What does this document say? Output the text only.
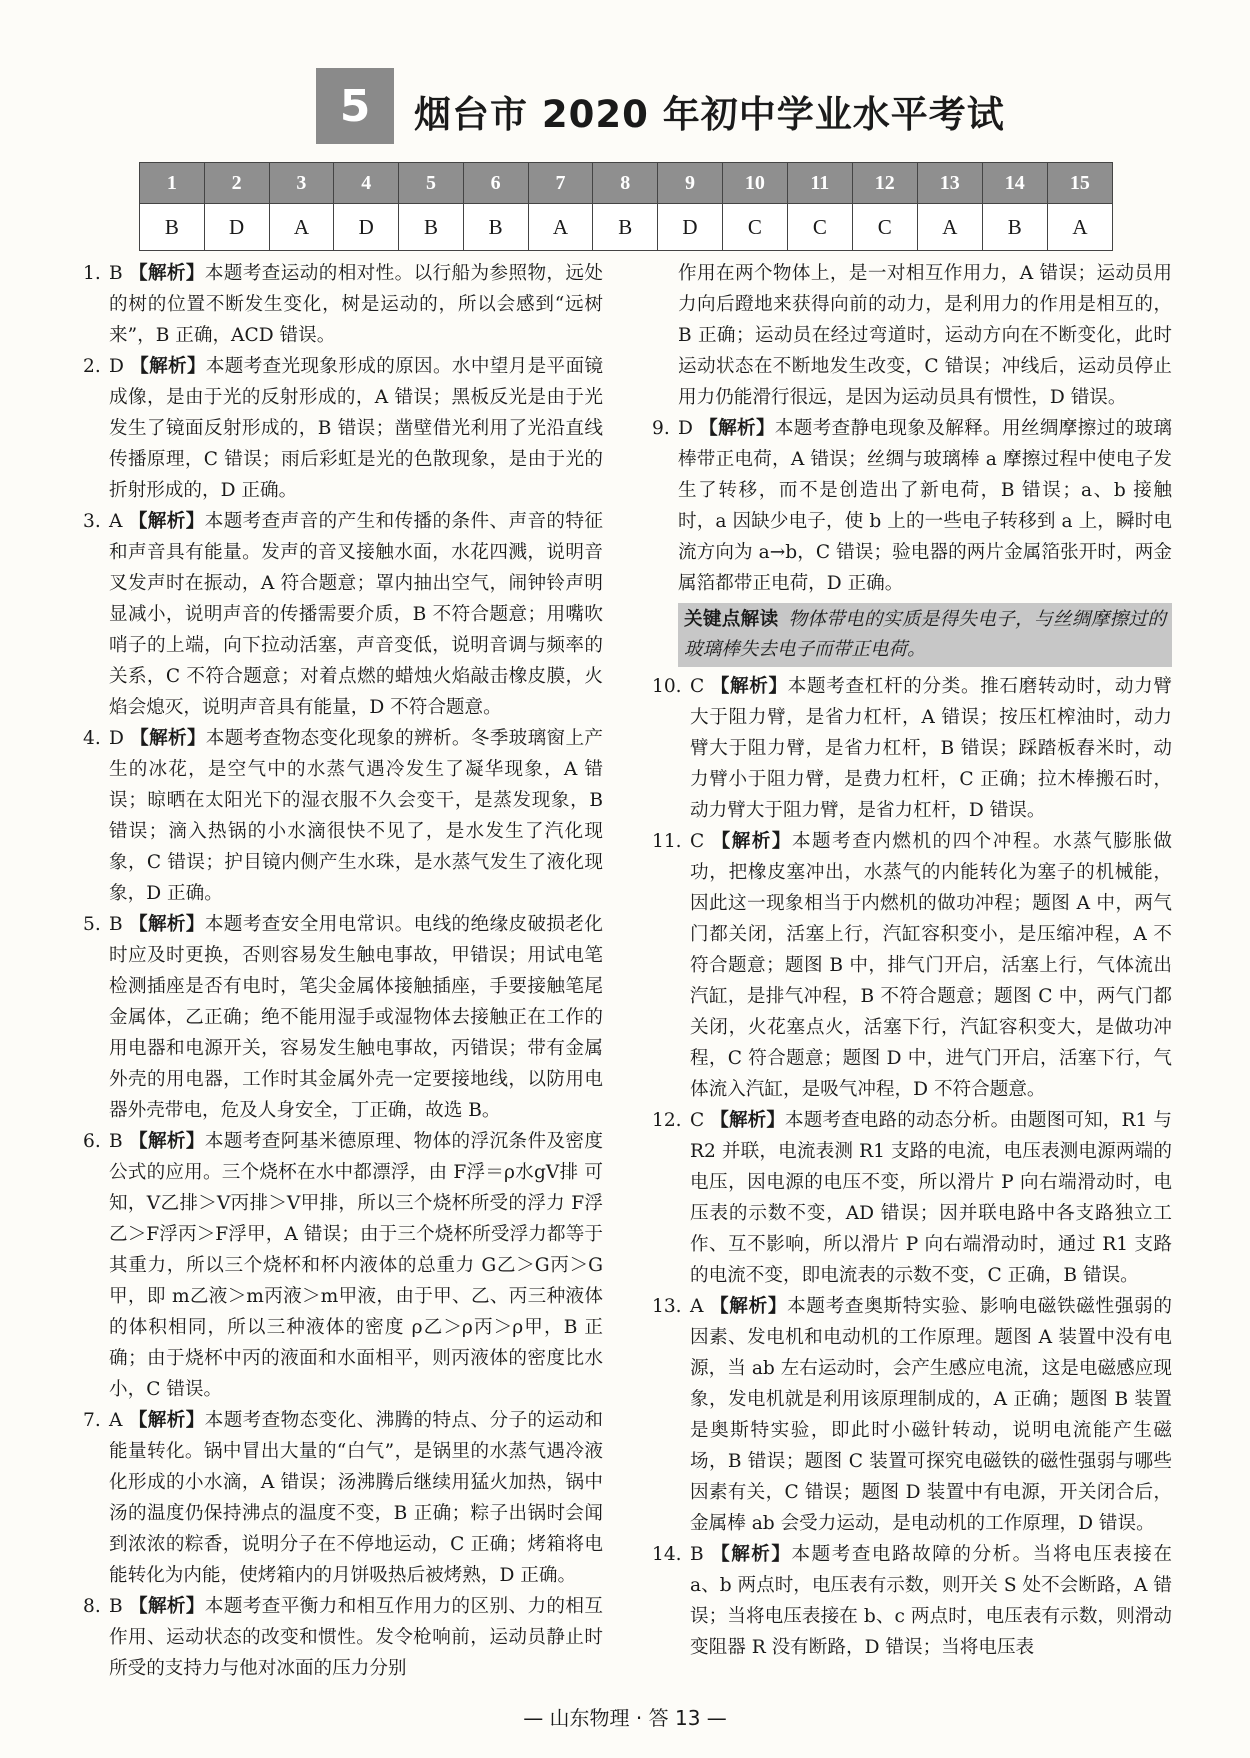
5	烟台市 2020 年初中学业水平考试
1	2	3	4	5	6	7	8	9	10	11	12	13	14	15
B	D	A	D	B	B	A	B	D	C	C	C	A	B	A

1. B 【解析】本题考查运动的相对性。以行船为参照物，远处的树的位置不断发生变化，树是运动的，所以会感到“远树来”，B 正确，ACD 错误。

2. D 【解析】本题考查光现象形成的原因。水中望月是平面镜成像，是由于光的反射形成的，A 错误；黑板反光是由于光发生了镜面反射形成的，B 错误；凿壁借光利用了光沿直线传播原理，C 错误；雨后彩虹是光的色散现象，是由于光的折射形成的，D 正确。

3. A 【解析】本题考查声音的产生和传播的条件、声音的特征和声音具有能量。发声的音叉接触水面，水花四溅，说明音叉发声时在振动，A 符合题意；罩内抽出空气，闹钟铃声明显减小，说明声音的传播需要介质，B 不符合题意；用嘴吹哨子的上端，向下拉动活塞，声音变低，说明音调与频率的关系，C 不符合题意；对着点燃的蜡烛火焰敲击橡皮膜，火焰会熄灭，说明声音具有能量，D 不符合题意。

4. D 【解析】本题考查物态变化现象的辨析。冬季玻璃窗上产生的冰花，是空气中的水蒸气遇冷发生了凝华现象，A 错误；晾晒在太阳光下的湿衣服不久会变干，是蒸发现象，B 错误；滴入热锅的小水滴很快不见了，是水发生了汽化现象，C 错误；护目镜内侧产生水珠，是水蒸气发生了液化现象，D 正确。

5. B 【解析】本题考查安全用电常识。电线的绝缘皮破损老化时应及时更换，否则容易发生触电事故，甲错误；用试电笔检测插座是否有电时，笔尖金属体接触插座，手要接触笔尾金属体，乙正确；绝不能用湿手或湿物体去接触正在工作的用电器和电源开关，容易发生触电事故，丙错误；带有金属外壳的用电器，工作时其金属外壳一定要接地线，以防用电器外壳带电，危及人身安全，丁正确，故选 B。

6. B 【解析】本题考查阿基米德原理、物体的浮沉条件及密度公式的应用。三个烧杯在水中都漂浮，由 F浮＝ρ水gV排 可知，V乙排＞V丙排＞V甲排，所以三个烧杯所受的浮力 F浮乙＞F浮丙＞F浮甲，A 错误；由于三个烧杯所受浮力都等于其重力，所以三个烧杯和杯内液体的总重力 G乙＞G丙＞G甲，即 m乙液＞m丙液＞m甲液，由于甲、乙、丙三种液体的体积相同，所以三种液体的密度 ρ乙＞ρ丙＞ρ甲，B 正确；由于烧杯中丙的液面和水面相平，则丙液体的密度比水小，C 错误。

7. A 【解析】本题考查物态变化、沸腾的特点、分子的运动和能量转化。锅中冒出大量的“白气”，是锅里的水蒸气遇冷液化形成的小水滴，A 错误；汤沸腾后继续用猛火加热，锅中汤的温度仍保持沸点的温度不变，B 正确；粽子出锅时会闻到浓浓的粽香，说明分子在不停地运动，C 正确；烤箱将电能转化为内能，使烤箱内的月饼吸热后被烤熟，D 正确。

8. B 【解析】本题考查平衡力和相互作用力的区别、力的相互作用、运动状态的改变和惯性。发令枪响前，运动员静止时所受的支持力与他对冰面的压力分别

作用在两个物体上，是一对相互作用力，A 错误；运动员用力向后蹬地来获得向前的动力，是利用力的作用是相互的，B 正确；运动员在经过弯道时，运动方向在不断变化，此时运动状态在不断地发生改变，C 错误；冲线后，运动员停止用力仍能滑行很远，是因为运动员具有惯性，D 错误。

9. D 【解析】本题考查静电现象及解释。用丝绸摩擦过的玻璃棒带正电荷，A 错误；丝绸与玻璃棒 a 摩擦过程中使电子发生了转移，而不是创造出了新电荷，B 错误；a、b 接触时，a 因缺少电子，使 b 上的一些电子转移到 a 上，瞬时电流方向为 a→b，C 错误；验电器的两片金属箔张开时，两金属箔都带正电荷，D 正确。

关键点解读 物体带电的实质是得失电子，与丝绸摩擦过的玻璃棒失去电子而带正电荷。

10. C 【解析】本题考查杠杆的分类。推石磨转动时，动力臂大于阻力臂，是省力杠杆，A 错误；按压杠榨油时，动力臂大于阻力臂，是省力杠杆，B 错误；踩踏板舂米时，动力臂小于阻力臂，是费力杠杆，C 正确；拉木棒搬石时，动力臂大于阻力臂，是省力杠杆，D 错误。

11. C 【解析】本题考查内燃机的四个冲程。水蒸气膨胀做功，把橡皮塞冲出，水蒸气的内能转化为塞子的机械能，因此这一现象相当于内燃机的做功冲程；题图 A 中，两气门都关闭，活塞上行，汽缸容积变小，是压缩冲程，A 不符合题意；题图 B 中，排气门开启，活塞上行，气体流出汽缸，是排气冲程，B 不符合题意；题图 C 中，两气门都关闭，火花塞点火，活塞下行，汽缸容积变大，是做功冲程，C 符合题意；题图 D 中，进气门开启，活塞下行，气体流入汽缸，是吸气冲程，D 不符合题意。

12. C 【解析】本题考查电路的动态分析。由题图可知，R1 与 R2 并联，电流表测 R1 支路的电流，电压表测电源两端的电压，因电源的电压不变，所以滑片 P 向右端滑动时，电压表的示数不变，AD 错误；因并联电路中各支路独立工作、互不影响，所以滑片 P 向右端滑动时，通过 R1 支路的电流不变，即电流表的示数不变，C 正确，B 错误。

13. A 【解析】本题考查奥斯特实验、影响电磁铁磁性强弱的因素、发电机和电动机的工作原理。题图 A 装置中没有电源，当 ab 左右运动时，会产生感应电流，这是电磁感应现象，发电机就是利用该原理制成的，A 正确；题图 B 装置是奥斯特实验，即此时小磁针转动，说明电流能产生磁场，B 错误；题图 C 装置可探究电磁铁的磁性强弱与哪些因素有关，C 错误；题图 D 装置中有电源，开关闭合后，金属棒 ab 会受力运动，是电动机的工作原理，D 错误。

14. B 【解析】本题考查电路故障的分析。当将电压表接在 a、b 两点时，电压表有示数，则开关 S 处不会断路，A 错误；当将电压表接在 b、c 两点时，电压表有示数，则滑动变阻器 R 没有断路，D 错误；当将电压表

— 山东物理 · 答 13 —
